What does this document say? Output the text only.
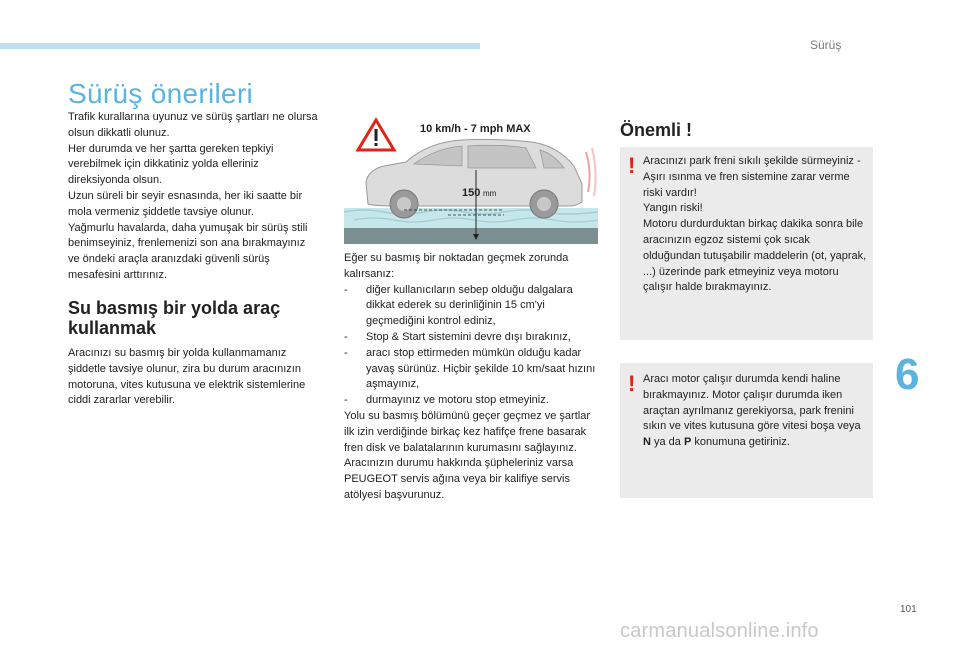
Sürüş
Sürüş önerileri

Trafik kurallarına uyunuz ve sürüş şartları ne olursa olsun dikkatli olunuz.

Her durumda ve her şartta gereken tepkiyi verebilmek için dikkatiniz yolda elleriniz direksiyonda olsun.

Uzun süreli bir seyir esnasında, her iki saatte bir mola vermeniz şiddetle tavsiye olunur.

Yağmurlu havalarda, daha yumuşak bir sürüş stili benimseyiniz, frenlemenizi son ana bırakmayınız ve öndeki araçla aranızdaki güvenli sürüş mesafesini arttırınız.

Su basmış bir yolda araç kullanmak
Aracınızı su basmış bir yolda kullanmamanız şiddetle tavsiye olunur, zira bu durum aracınızın motoruna, vites kutusuna ve elektrik sistemlerine ciddi zararlar verebilir.
10 km/h - 7 mph MAX
150 mm

Eğer su basmış bir noktadan geçmek zorunda kalırsanız:

-	diğer kullanıcıların sebep olduğu dalgalara dikkat ederek su derinliğinin 15 cm'yi geçmediğini kontrol ediniz,
-	Stop & Start sistemini devre dışı bırakınız,
-	aracı stop ettirmeden mümkün olduğu kadar yavaş sürünüz. Hiçbir şekilde 10 km/saat hızını aşmayınız,
-	durmayınız ve motoru stop etmeyiniz.

Yolu su basmış bölümünü geçer geçmez ve şartlar ilk izin verdiğinde birkaç kez hafifçe frene basarak fren disk ve balatalarının kurumasını sağlayınız.

Aracınızın durumu hakkında şüpheleriniz varsa PEUGEOT servis ağına veya bir kalifiye servis atölyesi başvurunuz.

Önemli !
! Aracınızı park freni sıkılı şekilde sürmeyiniz - Aşırı ısınma ve fren sistemine zarar verme riski vardır!

Yangın riski!

Motoru durdurduktan birkaç dakika sonra bile aracınızın egzoz sistemi çok sıcak olduğundan tutuşabilir maddelerin (ot, yaprak, ...) üzerinde park etmeyiniz veya motoru çalışır halde bırakmayınız.

! Aracı motor çalışır durumda kendi haline bırakmayınız. Motor çalışır durumda iken araçtan ayrılmanız gerekiyorsa, park frenini sıkın ve vites kutusuna göre vitesi boşa veya N ya da P konumuna getiriniz.
6
101
carmanualsonline.info
